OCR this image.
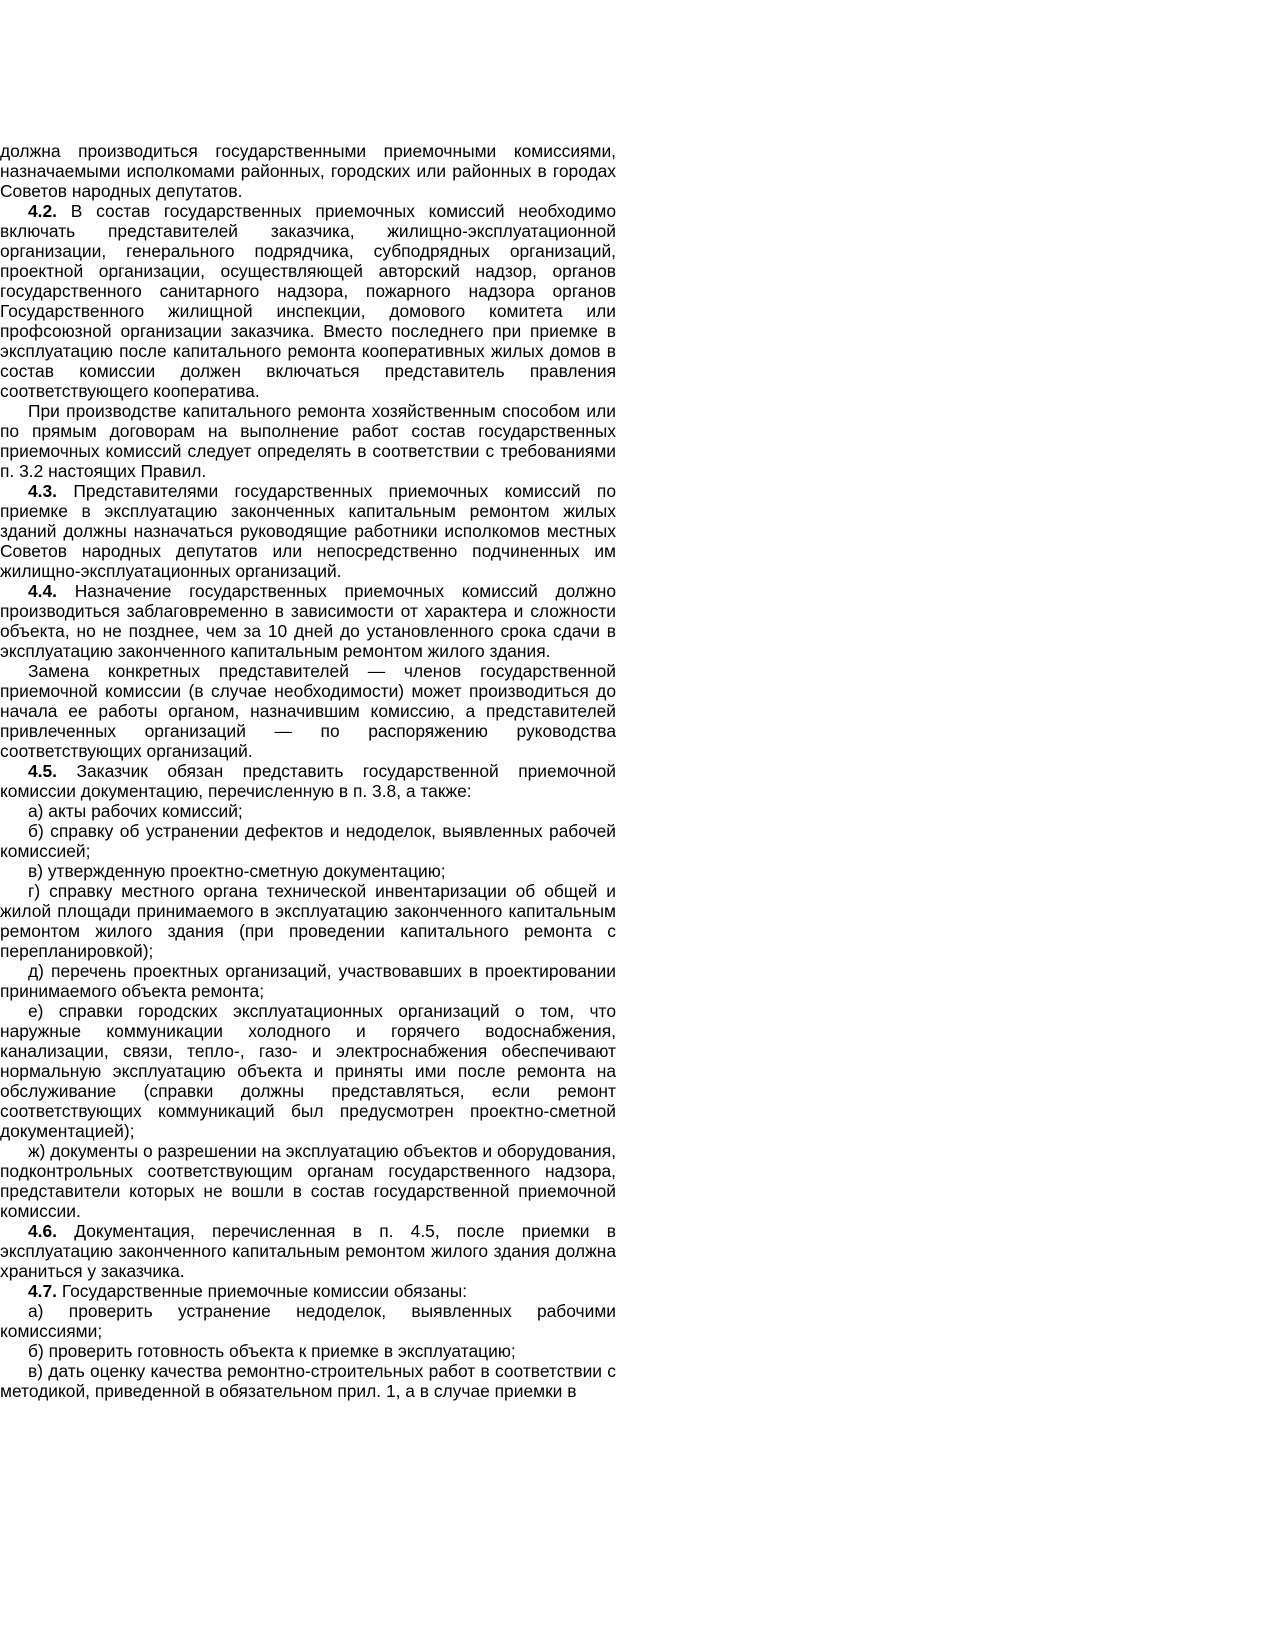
должна производиться государственными приемочными комиссиями, назначаемыми исполкомами районных, городских или районных в городах Советов народных депутатов.

4.2. В состав государственных приемочных комиссий необходимо включать представителей заказчика, жилищно-эксплуатационной организации, генерального подрядчика, субподрядных организаций, проектной организации, осуществляющей авторский надзор, органов государственного санитарного надзора, пожарного надзора органов Государственного жилищной инспекции, домового комитета или профсоюзной организации заказчика. Вместо последнего при приемке в эксплуатацию после капитального ремонта кооперативных жилых домов в состав комиссии должен включаться представитель правления соответствующего кооператива.

При производстве капитального ремонта хозяйственным способом или по прямым договорам на выполнение работ состав государственных приемочных комиссий следует определять в соответствии с требованиями п. 3.2 настоящих Правил.

4.3. Представителями государственных приемочных комиссий по приемке в эксплуатацию законченных капитальным ремонтом жилых зданий должны назначаться руководящие работники исполкомов местных Советов народных депутатов или непосредственно подчиненных им жилищно-эксплуатационных организаций.

4.4. Назначение государственных приемочных комиссий должно производиться заблаговременно в зависимости от характера и сложности объекта, но не позднее, чем за 10 дней до установленного срока сдачи в эксплуатацию законченного капитальным ремонтом жилого здания.

Замена конкретных представителей — членов государственной приемочной комиссии (в случае необходимости) может производиться до начала ее работы органом, назначившим комиссию, а представителей привлеченных организаций — по распоряжению руководства соответствующих организаций.

4.5. Заказчик обязан представить государственной приемочной комиссии документацию, перечисленную в п. 3.8, а также:

а) акты рабочих комиссий;

б) справку об устранении дефектов и недоделок, выявленных рабочей комиссией;

в) утвержденную проектно-сметную документацию;

г) справку местного органа технической инвентаризации об общей и жилой площади принимаемого в эксплуатацию законченного капитальным ремонтом жилого здания (при проведении капитального ремонта с перепланировкой);

д) перечень проектных организаций, участвовавших в проектировании принимаемого объекта ремонта;

е) справки городских эксплуатационных организаций о том, что наружные коммуникации холодного и горячего водоснабжения, канализации, связи, тепло-, газо- и электроснабжения обеспечивают нормальную эксплуатацию объекта и приняты ими после ремонта на обслуживание (справки должны представляться, если ремонт соответствующих коммуникаций был предусмотрен проектно-сметной документацией);

ж) документы о разрешении на эксплуатацию объектов и оборудования, подконтрольных соответствующим органам государственного надзора, представители которых не вошли в состав государственной приемочной комиссии.

4.6. Документация, перечисленная в п. 4.5, после приемки в эксплуатацию законченного капитальным ремонтом жилого здания должна храниться у заказчика.

4.7. Государственные приемочные комиссии обязаны:

а) проверить устранение недоделок, выявленных рабочими комиссиями;

б) проверить готовность объекта к приемке в эксплуатацию;

в) дать оценку качества ремонтно-строительных работ в соответствии с методикой, приведенной в обязательном прил. 1, а в случае приемки в
